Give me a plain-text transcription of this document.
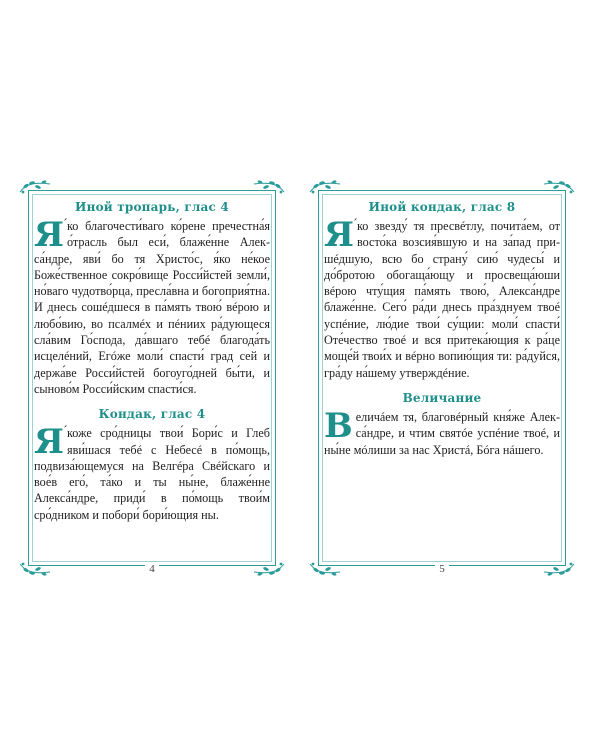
Иной тропарь, глас 4

Я ́ко благочести́ваго ко́рене пречестна́я о́трасль был еси́, блаже́нне Алекса́ндре, яви́ бо тя Христо́с, я́ко не́кое Боже́ственное сокро́вище Росси́йстей земли́, но́ваго чудотво́рца, пресла́вна и богоприя́тна. И днесь сошéдшеся в па́мять твою́ вéрою и любо́вию, во псалмéх и пéниих ра́дующеся сла́вим Го́спода, да́вшаго тебé благода́ть исцелéний, Егóже моли́ спасти́ град сей и держа́ве Росси́йстей богоуго́дней бы́ти, и сыново́м Росси́йским спасти́ся.

Кондак, глас 4

Я ́коже сро́дницы твои́ Бори́с и Глеб яви́шася тебé с Небесé в по́мощь, подвиза́ющемуся на Велгéра Свéйскаго и вое́в его́, та́ко и ты ны́не, блаже́нне Алекса́ндре, приди́ в по́мощь твои́м сро́дником и побори́ бори́ющия ны.

4
Иной кондак, глас 8

Я ́ко звезду́ тя пресвéтлу, почита́ем, от восто́ка возсия́вшую и на за́пад пришéдшую, всю бо страну́ сию́ чудесы́ и до́бротою обогаща́ющу и просвеща́юши вéрою чту́щия па́мять твою́, Алекса́ндре блаже́нне. Сего́ ра́ди днесь пра́зднуем твоé успéние, лю́дие твои́ су́щии: моли́ спасти́ Оте́чество твоé и вся притека́ющия к ра́це моще́й твои́х и вéрно вопию́щия ти: ра́дуйся, гра́ду на́шему утверждéние.

Величание

Величáем тя, благовéрный кня́же Алекса́ндре, и чтим святóе успéние твоé, и ны́не мóлиши за нас Христá, Бóга нáшего.

5
